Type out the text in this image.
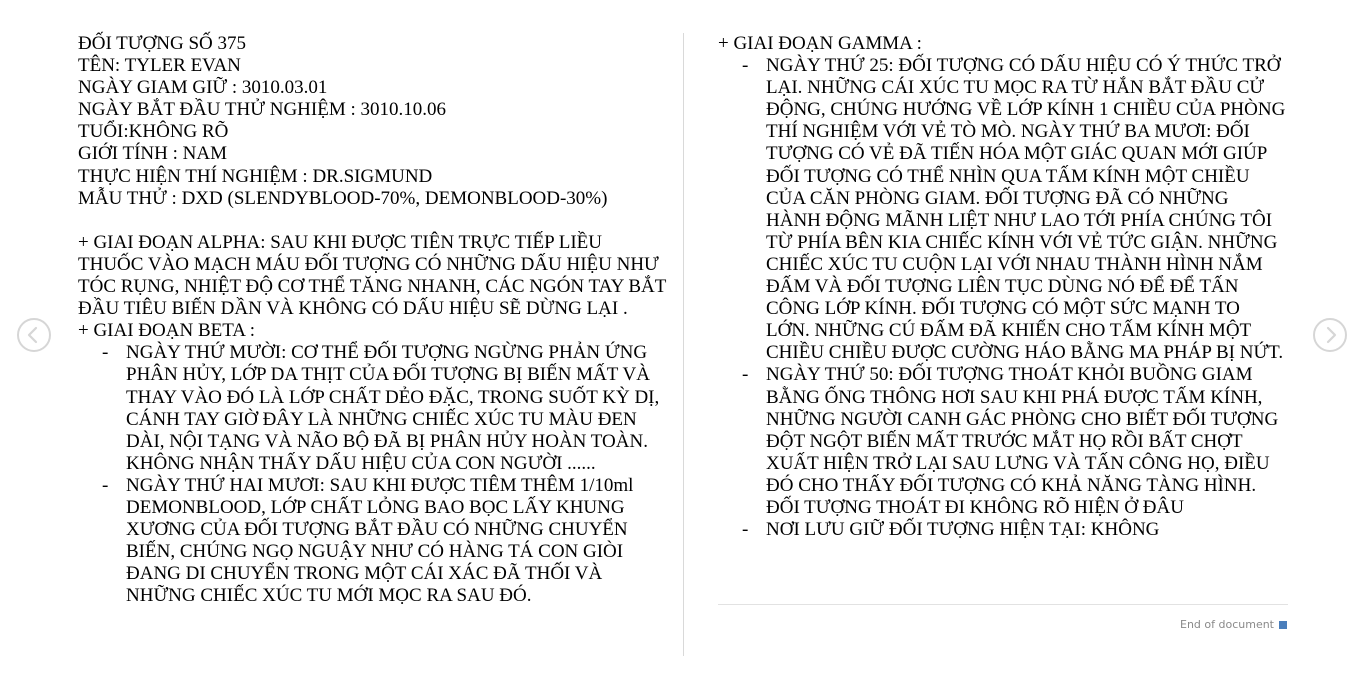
ĐỐI TƯỢNG SỐ 375
TÊN: TYLER EVAN
NGÀY GIAM GIỮ : 3010.03.01
NGÀY BẮT ĐẦU THỬ NGHIỆM : 3010.10.06
TUỔI:KHÔNG RÕ
GIỚI TÍNH : NAM
THỰC HIỆN THÍ NGHIỆM : DR.SIGMUND
MẪU THỬ : DXD (SLENDYBLOOD-70%, DEMONBLOOD-30%)
+ GIAI ĐOẠN ALPHA: SAU KHI ĐƯỢC TIÊN TRỰC TIẾP LIỀU THUỐC VÀO MẠCH MÁU ĐỐI TƯỢNG CÓ NHỮNG DẤU HIỆU NHƯ TÓC RỤNG, NHIỆT ĐỘ CƠ THỂ TĂNG NHANH, CÁC NGÓN TAY BẮT ĐẦU TIÊU BIẾN DẦN VÀ KHÔNG CÓ DẤU HIỆU SẼ DỪNG LẠI .
+ GIAI ĐOẠN BETA :
- NGÀY THỨ MƯỜI: CƠ THỂ ĐỐI TƯỢNG NGỪNG PHẢN ỨNG PHÂN HỦY, LỚP DA THỊT CỦA ĐỐI TƯỢNG BỊ BIẾN MẤT VÀ THAY VÀO ĐÓ LÀ LỚP CHẤT DẺO ĐẶC, TRONG SUỐT KỲ DỊ, CÁNH TAY GIỜ ĐÂY LÀ NHỮNG CHIẾC XÚC TU MÀU ĐEN DÀI, NỘI TẠNG VÀ NÃO BỘ ĐÃ BỊ PHÂN HỦY HOÀN TOÀN. KHÔNG NHẬN THẤY DẤU HIỆU CỦA CON NGƯỜI ......
- NGÀY THỨ HAI MƯƠI: SAU KHI ĐƯỢC TIÊM THÊM 1/10ml DEMONBLOOD, LỚP CHẤT LỎNG BAO BỌC LẤY KHUNG XƯƠNG CỦA ĐỐI TƯỢNG BẮT ĐẦU CÓ NHỮNG CHUYỂN BIẾN, CHÚNG NGỌ NGUẬY NHƯ CÓ HÀNG TÁ CON GIÒI ĐANG DI CHUYỂN TRONG MỘT CÁI XÁC ĐÃ THỐI VÀ NHỮNG CHIẾC XÚC TU MỚI MỌC RA SAU ĐÓ.
+ GIAI ĐOẠN GAMMA :
- NGÀY THỨ 25: ĐỐI TƯỢNG CÓ DẤU HIỆU CÓ Ý THỨC TRỞ LẠI. NHỮNG CÁI XÚC TU MỌC RA TỪ HẮN BẮT ĐẦU CỬ ĐỘNG, CHÚNG HƯỚNG VỀ LỚP KÍNH 1 CHIỀU CỦA PHÒNG THÍ NGHIỆM VỚI VẺ TÒ MÒ. NGÀY THỨ BA MƯƠI: ĐỐI TƯỢNG CÓ VẺ ĐÃ TIẾN HÓA MỘT GIÁC QUAN MỚI GIÚP ĐỐI TƯỢNG CÓ THỂ NHÌN QUA TẤM KÍNH MỘT CHIỀU CỦA CĂN PHÒNG GIAM. ĐỐI TƯỢNG ĐÃ CÓ NHỮNG HÀNH ĐỘNG MÃNH LIỆT NHƯ LAO TỚI PHÍA CHÚNG TÔI TỪ PHÍA BÊN KIA CHIẾC KÍNH VỚI VẺ TỨC GIẬN. NHỮNG CHIẾC XÚC TU CUỘN LẠI VỚI NHAU THÀNH HÌNH NẮM ĐẤM VÀ ĐỐI TƯỢNG LIÊN TỤC DÙNG NÓ ĐỂ ĐỂ TẤN CÔNG LỚP KÍNH. ĐỐI TƯỢNG CÓ MỘT SỨC MẠNH TO LỚN. NHỮNG CÚ ĐẤM ĐÃ KHIẾN CHO TẤM KÍNH MỘT CHIỀU CHIỀU ĐƯỢC CƯỜNG HÁO BẰNG MA PHÁP BỊ NỨT.
- NGÀY THỨ 50: ĐỐI TƯỢNG THOÁT KHỎI BUỒNG GIAM BẰNG ỐNG THÔNG HƠI SAU KHI PHÁ ĐƯỢC TẤM KÍNH, NHỮNG NGƯỜI CANH GÁC PHÒNG CHO BIẾT ĐỐI TƯỢNG ĐỘT NGỘT BIẾN MẤT TRƯỚC MẮT HỌ RỒI BẤT CHỢT XUẤT HIỆN TRỞ LẠI SAU LƯNG VÀ TẤN CÔNG HỌ, ĐIỀU ĐÓ CHO THẤY ĐỐI TƯỢNG CÓ KHẢ NĂNG TÀNG HÌNH. ĐỐI TƯỢNG THOÁT ĐI KHÔNG RÕ HIỆN Ở ĐÂU
- NƠI LƯU GIỮ ĐỐI TƯỢNG HIỆN TẠI: KHÔNG
End of document
